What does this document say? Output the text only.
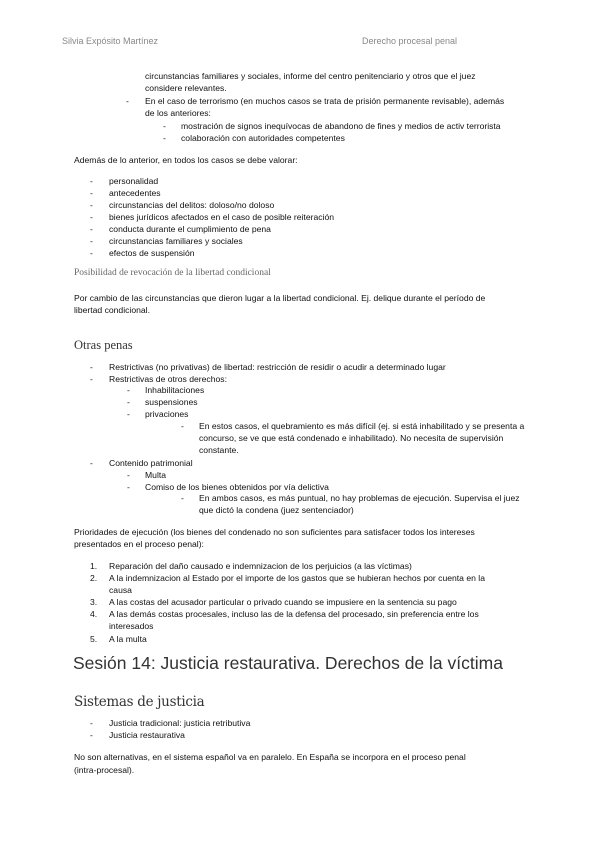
Silvia Expósito Martínez	Derecho procesal penal
circunstancias familiares y sociales, informe del centro penitenciario y otros que el juez
considere relevantes.
- En el caso de terrorismo (en muchos casos se trata de prisión permanente revisable), además
de los anteriores:
- mostración de signos inequívocas de abandono de fines y medios de activ terrorista
- colaboración con autoridades competentes
Además de lo anterior, en todos los casos se debe valorar:
- personalidad
- antecedentes
- circunstancias del delitos: doloso/no doloso
- bienes jurídicos afectados en el caso de posible reiteración
- conducta durante el cumplimiento de pena
- circunstancias familiares y sociales
- efectos de suspensión
Posibilidad de revocación de la libertad condicional
Por cambio de las circunstancias que dieron lugar a la libertad condicional. Ej. delique durante el período de
libertad condicional.
Otras penas
- Restrictivas (no privativas) de libertad: restricción de residir o acudir a determinado lugar
- Restrictivas de otros derechos:
- Inhabilitaciones
- suspensiones
- privaciones
- En estos casos, el quebramiento es más difícil (ej. si está inhabilitado y se presenta a
concurso, se ve que está condenado e inhabilitado). No necesita de supervisión
constante.
- Contenido patrimonial
- Multa
- Comiso de los bienes obtenidos por vía delictiva
- En ambos casos, es más puntual, no hay problemas de ejecución. Supervisa el juez
que dictó la condena (juez sentenciador)
Prioridades de ejecución (los bienes del condenado no son suficientes para satisfacer todos los intereses
presentados en el proceso penal):
1. Reparación del daño causado e indemnizacion de los perjuicios (a las víctimas)
2. A la indemnizacion al Estado por el importe de los gastos que se hubieran hechos por cuenta en la
causa
3. A las costas del acusador particular o privado cuando se impusiere en la sentencia su pago
4. A las demás costas procesales, incluso las de la defensa del procesado, sin preferencia entre los
interesados
5. A la multa
Sesión 14: Justicia restaurativa. Derechos de la víctima
Sistemas de justicia
- Justicia tradicional: justicia retributiva
- Justicia restaurativa
No son alternativas, en el sistema español va en paralelo. En España se incorpora en el proceso penal
(intra-procesal).
